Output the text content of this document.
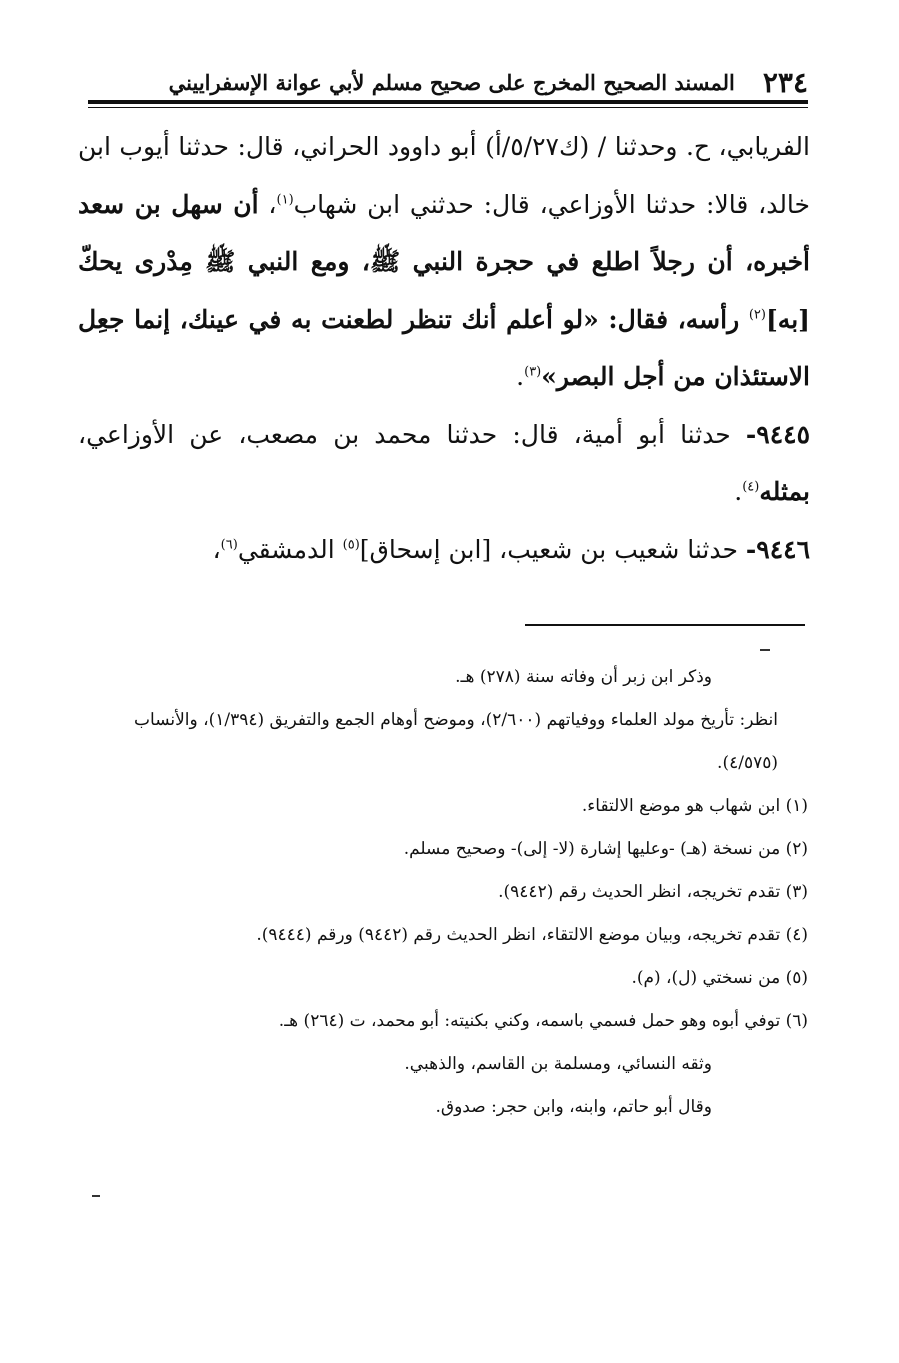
٢٣٤
المسند الصحيح المخرج على صحيح مسلم لأبي عوانة الإسفراييني

الفريابي، ح. وحدثنا / (ك٥/٢٧/أ) أبو داوود الحراني، قال: حدثنا أيوب ابن خالد، قالا: حدثنا الأوزاعي، قال: حدثني ابن شهاب$^{(١)}$، أن سهل بن سعد أخبره، أن رجلاً اطلع في حجرة النبي ﷺ، ومع النبي ﷺ مِدْرى يحكّ [به]$^{(٢)}$ رأسه، فقال: «لو أعلم أنك تنظر لطعنت به في عينك، إنما جعِل الاستئذان من أجل البصر»$^{(٣)}$.

٩٤٤٥- حدثنا أبو أمية، قال: حدثنا محمد بن مصعب، عن الأوزاعي، بمثله$^{(٤)}$.

٩٤٤٦- حدثنا شعيب بن شعيب، [ابن إسحاق]$^{(٥)}$ الدمشقي$^{(٦)}$،

وذكر ابن زبر أن وفاته سنة (٢٧٨) هـ.
انظر: تأريخ مولد العلماء ووفياتهم (٢/٦٠٠)، وموضح أوهام الجمع والتفريق (١/٣٩٤)، والأنساب (٤/٥٧٥).
(١) ابن شهاب هو موضع الالتقاء.
(٢) من نسخة (هـ) -وعليها إشارة (لا- إلى)- وصحيح مسلم.
(٣) تقدم تخريجه، انظر الحديث رقم (٩٤٤٢).
(٤) تقدم تخريجه، وبيان موضع الالتقاء، انظر الحديث رقم (٩٤٤٢) ورقم (٩٤٤٤).
(٥) من نسختي (ل)، (م).
(٦) توفي أبوه وهو حمل فسمي باسمه، وكني بكنيته: أبو محمد، ت (٢٦٤) هـ.
وثقه النسائي، ومسلمة بن القاسم، والذهبي.
وقال أبو حاتم، وابنه، وابن حجر: صدوق.
